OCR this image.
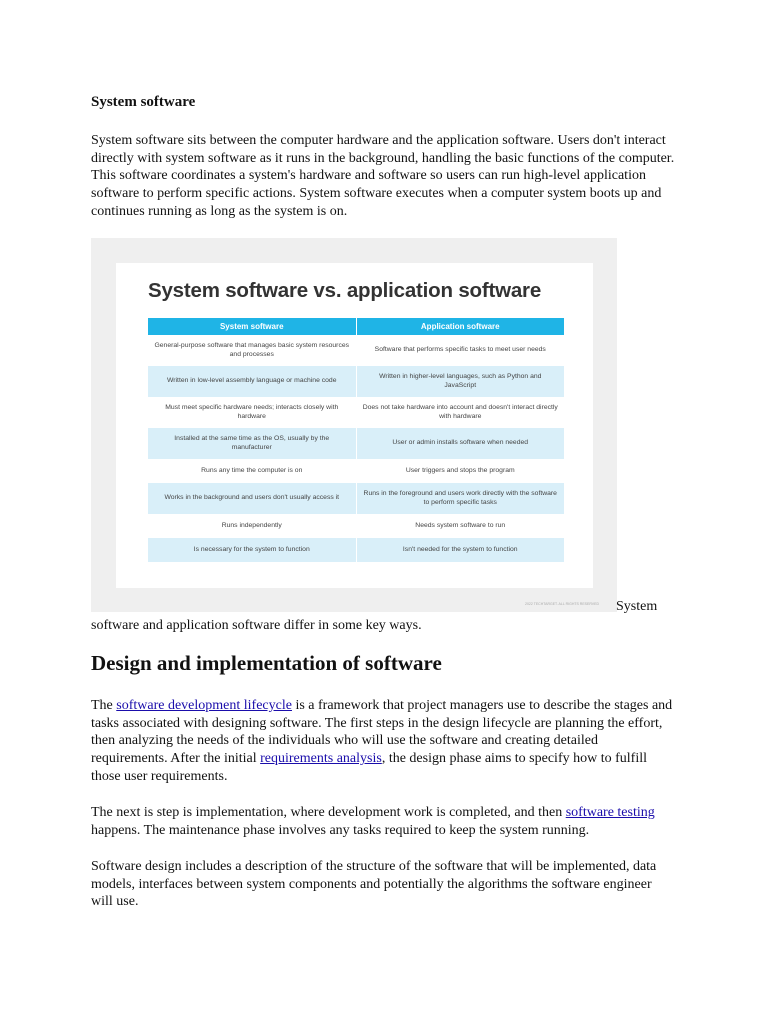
System software

System software sits between the computer hardware and the application software. Users don't interact directly with system software as it runs in the background, handling the basic functions of the computer. This software coordinates a system's hardware and software so users can run high-level application software to perform specific actions. System software executes when a computer system boots up and continues running as long as the system is on.

System software vs. application software
System software	Application software
General-purpose software that manages basic system resources and processes	Software that performs specific tasks to meet user needs
Written in low-level assembly language or machine code	Written in higher-level languages, such as Python and JavaScript
Must meet specific hardware needs; interacts closely with hardware	Does not take hardware into account and doesn't interact directly with hardware
Installed at the same time as the OS, usually by the manufacturer	User or admin installs software when needed
Runs any time the computer is on	User triggers and stops the program
Works in the background and users don't usually access it	Runs in the foreground and users work directly with the software to perform specific tasks
Runs independently	Needs system software to run
Is necessary for the system to function	Isn't needed for the system to function
2022 TECHTARGET. ALL RIGHTS RESERVED System
software and application software differ in some key ways.
Design and implementation of software

The software development lifecycle is a framework that project managers use to describe the stages and tasks associated with designing software. The first steps in the design lifecycle are planning the effort, then analyzing the needs of the individuals who will use the software and creating detailed requirements. After the initial requirements analysis, the design phase aims to specify how to fulfill those user requirements.

The next is step is implementation, where development work is completed, and then software testing happens. The maintenance phase involves any tasks required to keep the system running.

Software design includes a description of the structure of the software that will be implemented, data models, interfaces between system components and potentially the algorithms the software engineer will use.
